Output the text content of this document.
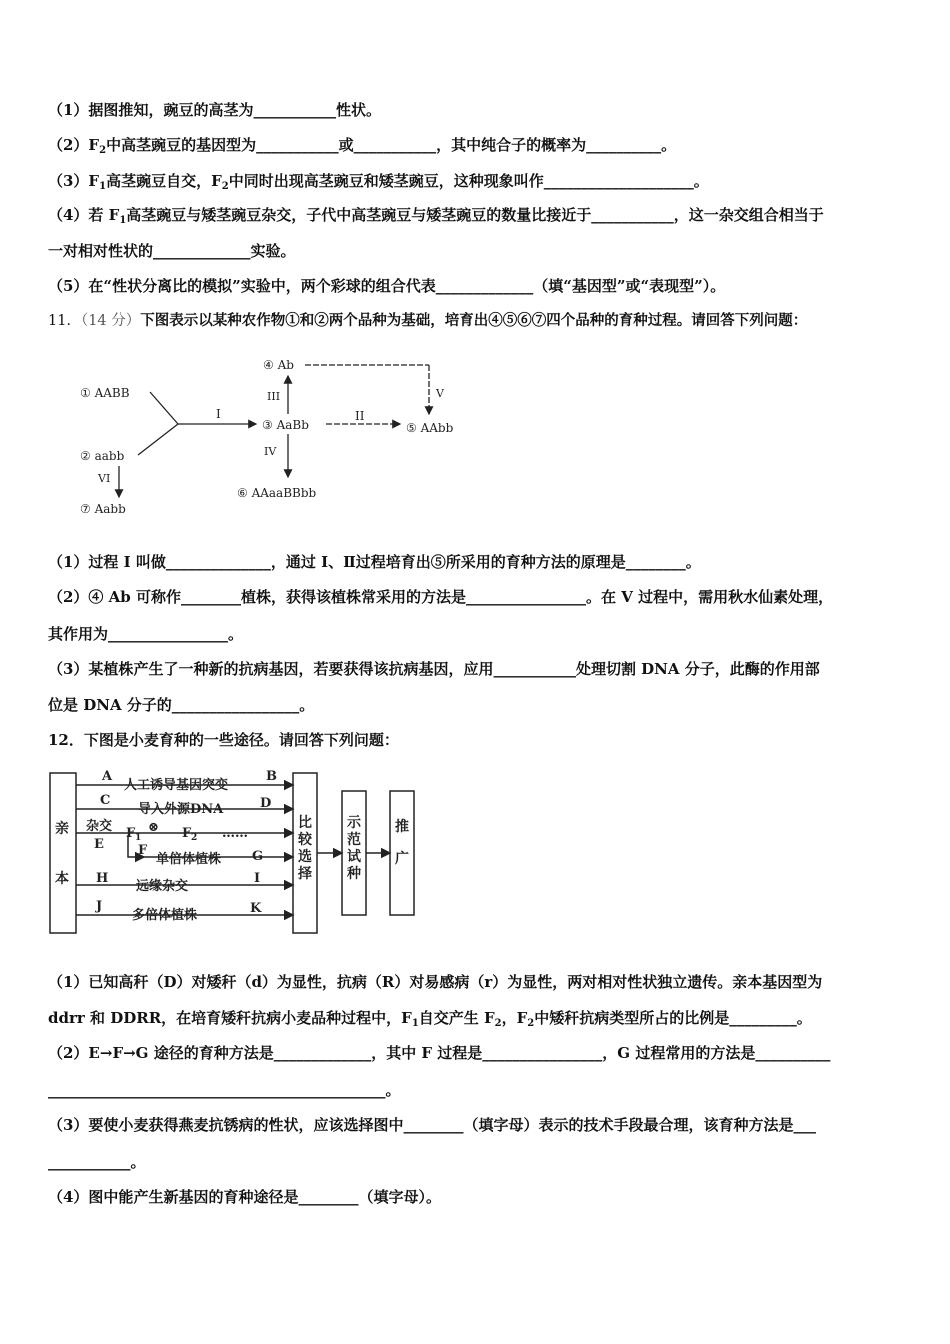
（1）据图推知，豌豆的高茎为___________性状。
$(2)F_2$中高茎豌豆的基因型为___________或___________，其中纯合子的概率为__________。
$(3)F_1$高茎豌豆自交，$F_2$中同时出现高茎豌豆和矮茎豌豆，这种现象叫作____________________。
（4）若 $F_1$高茎豌豆与矮茎豌豆杂交，子代中高茎豌豆与矮茎豌豆的数量比接近于___________，这一杂交组合相当于
一对相对性状的_____________实验。
（5）在“性状分离比的模拟”实验中，两个彩球的组合代表_____________（填“基因型”或“表现型”）。
11．（14 分）下图表示以某种农作物①和②两个品种为基础，培育出④⑤⑥⑦四个品种的育种过程。请回答下列问题：
① AABB
② aabb
③ AaBb
④ Ab
⑤ AAbb
⑥ AAaaBBbb
⑦ Aabb
I	II
III
IV
V
VI
（1）过程 I 叫做______________，通过 I、Ⅱ过程培育出⑤所采用的育种方法的原理是________。
（2）④ Ab 可称作________植株，获得该植株常采用的方法是________________。在 V 过程中，需用秋水仙素处理，
其作用为________________。
（3）某植株产生了一种新的抗病基因，若要获得该抗病基因，应用___________处理切割 DNA 分子，此酶的作用部
位是 DNA 分子的_________________。
12．下图是小麦育种的一些途径。请回答下列问题：
亲
本
比
较
选
择
示
范
试
种
推
广
A
人工诱导基因突变
B
C
导入外源DNA	D
杂交
E
F 1
⊗ F 2 ……
F
单倍体植株 G
H
远缘杂交
I
J
多倍体植株	K
（1）已知高秆（D）对矮秆（d）为显性，抗病（R）对易感病（r）为显性，两对相对性状独立遗传。亲本基因型为
ddrr 和 DDRR，在培育矮秆抗病小麦品种过程中，$F_1$自交产生 $F_2$，$F_2$中矮秆抗病类型所占的比例是_________。
（2）E→F→G 途径的育种方法是_____________，其中 F 过程是________________，G 过程常用的方法是__________
_____________________________________________。
（3）要使小麦获得燕麦抗锈病的性状，应该选择图中________（填字母）表示的技术手段最合理，该育种方法是___
___________。
（4）图中能产生新基因的育种途径是________（填字母）。
